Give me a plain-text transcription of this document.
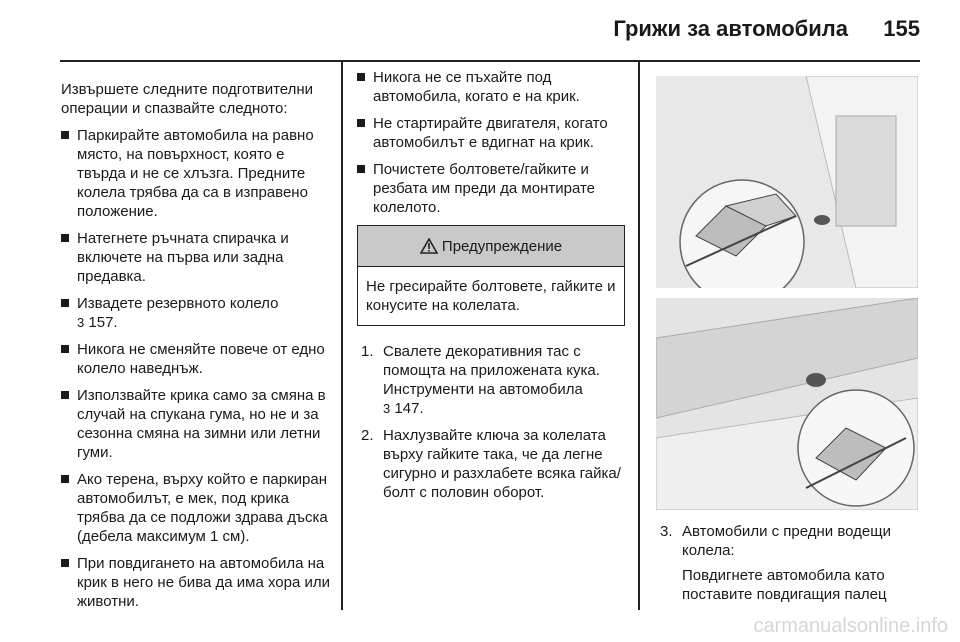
Грижи за автомобила 155

Извършете следните подготвителни операции и спазвайте следното:

Паркирайте автомобила на равно място, на повърхност, която е твърда и не се хлъзга. Предните колела трябва да са в изправено положение.
Натегнете ръчната спирачка и включете на първа или задна предавка.
Извадете резервното колело
3 157.
Никога не сменяйте повече от едно колело наведнъж.
Използвайте крика само за смяна в случай на спукана гума, но не и за сезонна смяна на зимни или летни гуми.
Ако терена, върху който е паркиран автомобилът, е мек, под крика трябва да се подложи здрава дъска (дебела максимум 1 см).
При повдигането на автомобила на крик в него не бива да има хора или животни.
Никога не се пъхайте под автомобила, когато е на крик.
Не стартирайте двигателя, когато автомобилът е вдигнат на крик.
Почистете болтовете/гайките и резбата им преди да монтирате колелото.
Предупреждение
Не гресирайте болтовете, гайките и конусите на колелата.
1. Свалете декоративния тас с помощта на приложената кука. Инструменти на автомобила 3 147.
2. Нахлузвайте ключа за колелата върху гайките така, че да легне сигурно и разхлабете всяка гайка/болт с половин оборот.
3. Автомобили с предни водещи колела:

Повдигнете автомобила като поставите повдигащия палец

carmanualsonline.info
